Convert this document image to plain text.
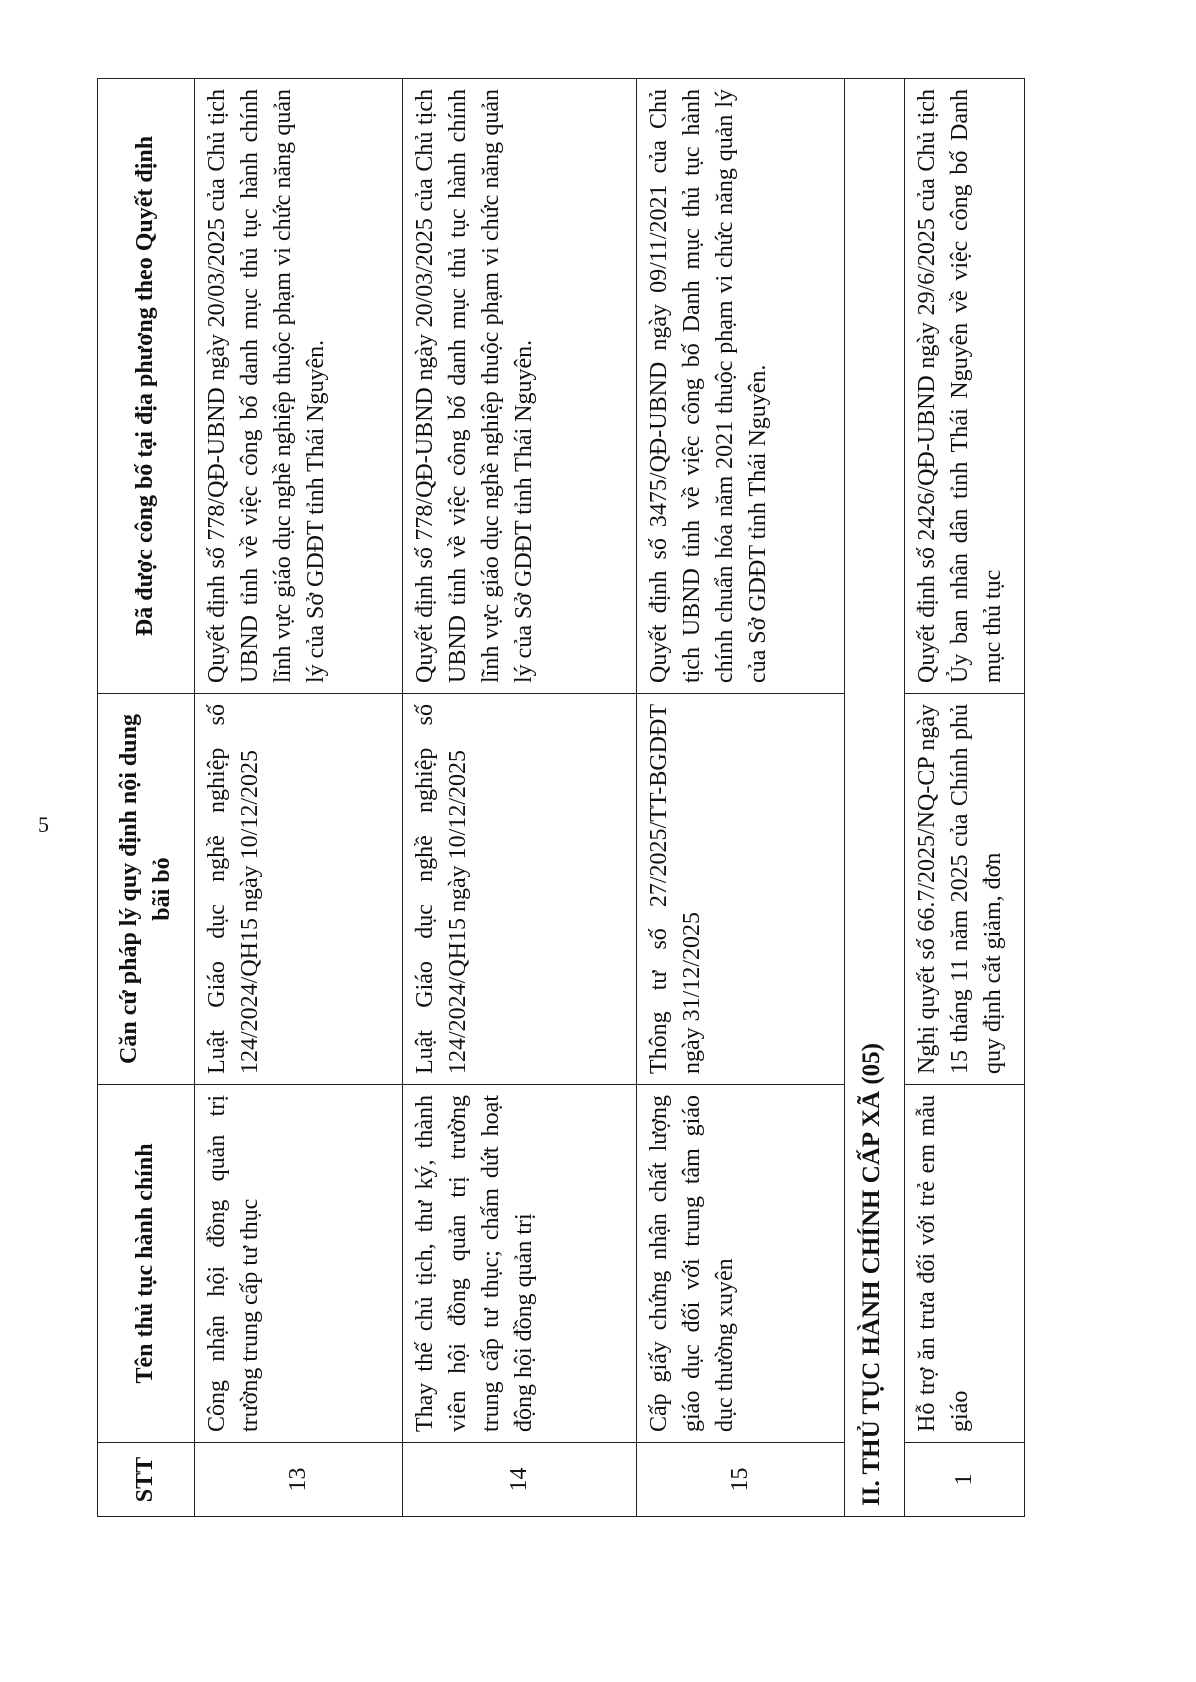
5
STT	Tên thủ tục hành chính	Căn cứ pháp lý quy định nội dung bãi bỏ	Đã được công bố tại địa phương theo Quyết định
13	Công nhận hội đồng quản trị trường trung cấp tư thục	Luật Giáo dục nghề nghiệp số 124/2024/QH15 ngày 10/12/2025	Quyết định số 778/QĐ-UBND ngày 20/03/2025 của Chủ tịch UBND tỉnh về việc công bố danh mục thủ tục hành chính lĩnh vực giáo dục nghề nghiệp thuộc phạm vi chức năng quản lý của Sở GDĐT tỉnh Thái Nguyên.
14	Thay thế chủ tịch, thư ký, thành viên hội đồng quản trị trường trung cấp tư thục; chấm dứt hoạt động hội đồng quản trị	Luật Giáo dục nghề nghiệp số 124/2024/QH15 ngày 10/12/2025	Quyết định số 778/QĐ-UBND ngày 20/03/2025 của Chủ tịch UBND tỉnh về việc công bố danh mục thủ tục hành chính lĩnh vực giáo dục nghề nghiệp thuộc phạm vi chức năng quản lý của Sở GDĐT tỉnh Thái Nguyên.
15	Cấp giấy chứng nhận chất lượng giáo dục đối với trung tâm giáo dục thường xuyên	Thông tư số 27/2025/TT-BGDĐT ngày 31/12/2025	Quyết định số 3475/QĐ-UBND ngày 09/11/2021 của Chủ tịch UBND tỉnh về việc công bố Danh mục thủ tục hành chính chuẩn hóa năm 2021 thuộc phạm vi chức năng quản lý của Sở GDĐT tỉnh Thái Nguyên.
II. THỦ TỤC HÀNH CHÍNH CẤP XÃ (05)			
1	Hỗ trợ ăn trưa đối với trẻ em mẫu giáo	Nghị quyết số 66.7/2025/NQ-CP ngày 15 tháng 11 năm 2025 của Chính phủ quy định cắt giảm, đơn	Quyết định số 2426/QĐ-UBND ngày 29/6/2025 của Chủ tịch Ủy ban nhân dân tỉnh Thái Nguyên về việc công bố Danh mục thủ tục
